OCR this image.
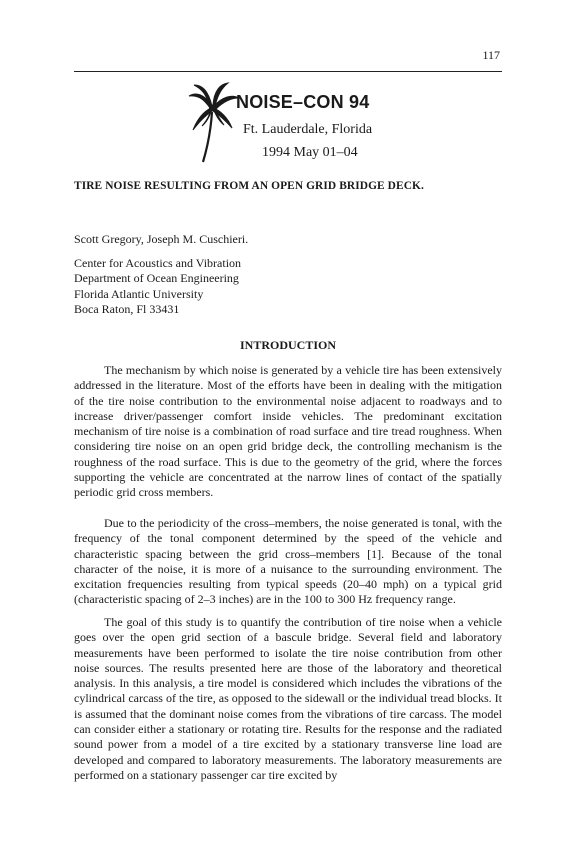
117
NOISE–CON 94
Ft. Lauderdale, Florida
1994 May 01–04
TIRE NOISE RESULTING FROM AN OPEN GRID BRIDGE DECK.
Scott Gregory, Joseph M. Cuschieri.
Center for Acoustics and Vibration
Department of Ocean Engineering
Florida Atlantic University
Boca Raton, Fl 33431
INTRODUCTION

The mechanism by which noise is generated by a vehicle tire has been extensively addressed in the literature. Most of the efforts have been in dealing with the mitigation of the tire noise contribution to the environmental noise adjacent to roadways and to increase driver/passenger comfort inside vehicles. The predominant excitation mechanism of tire noise is a combination of road surface and tire tread roughness. When considering tire noise on an open grid bridge deck, the controlling mechanism is the roughness of the road surface. This is due to the geometry of the grid, where the forces supporting the vehicle are concentrated at the narrow lines of contact of the spatially periodic grid cross members.

Due to the periodicity of the cross–members, the noise generated is tonal, with the frequency of the tonal component determined by the speed of the vehicle and characteristic spacing between the grid cross–members [1]. Because of the tonal character of the noise, it is more of a nuisance to the surrounding environment. The excitation frequencies resulting from typical speeds (20–40 mph) on a typical grid (characteristic spacing of 2–3 inches) are in the 100 to 300 Hz frequency range.

The goal of this study is to quantify the contribution of tire noise when a vehicle goes over the open grid section of a bascule bridge. Several field and laboratory measurements have been performed to isolate the tire noise contribution from other noise sources. The results presented here are those of the laboratory and theoretical analysis. In this analysis, a tire model is considered which includes the vibrations of the cylindrical carcass of the tire, as opposed to the sidewall or the individual tread blocks. It is assumed that the dominant noise comes from the vibrations of tire carcass. The model can consider either a stationary or rotating tire. Results for the response and the radiated sound power from a model of a tire excited by a stationary transverse line load are developed and compared to laboratory measurements. The laboratory measurements are performed on a stationary passenger car tire excited by
